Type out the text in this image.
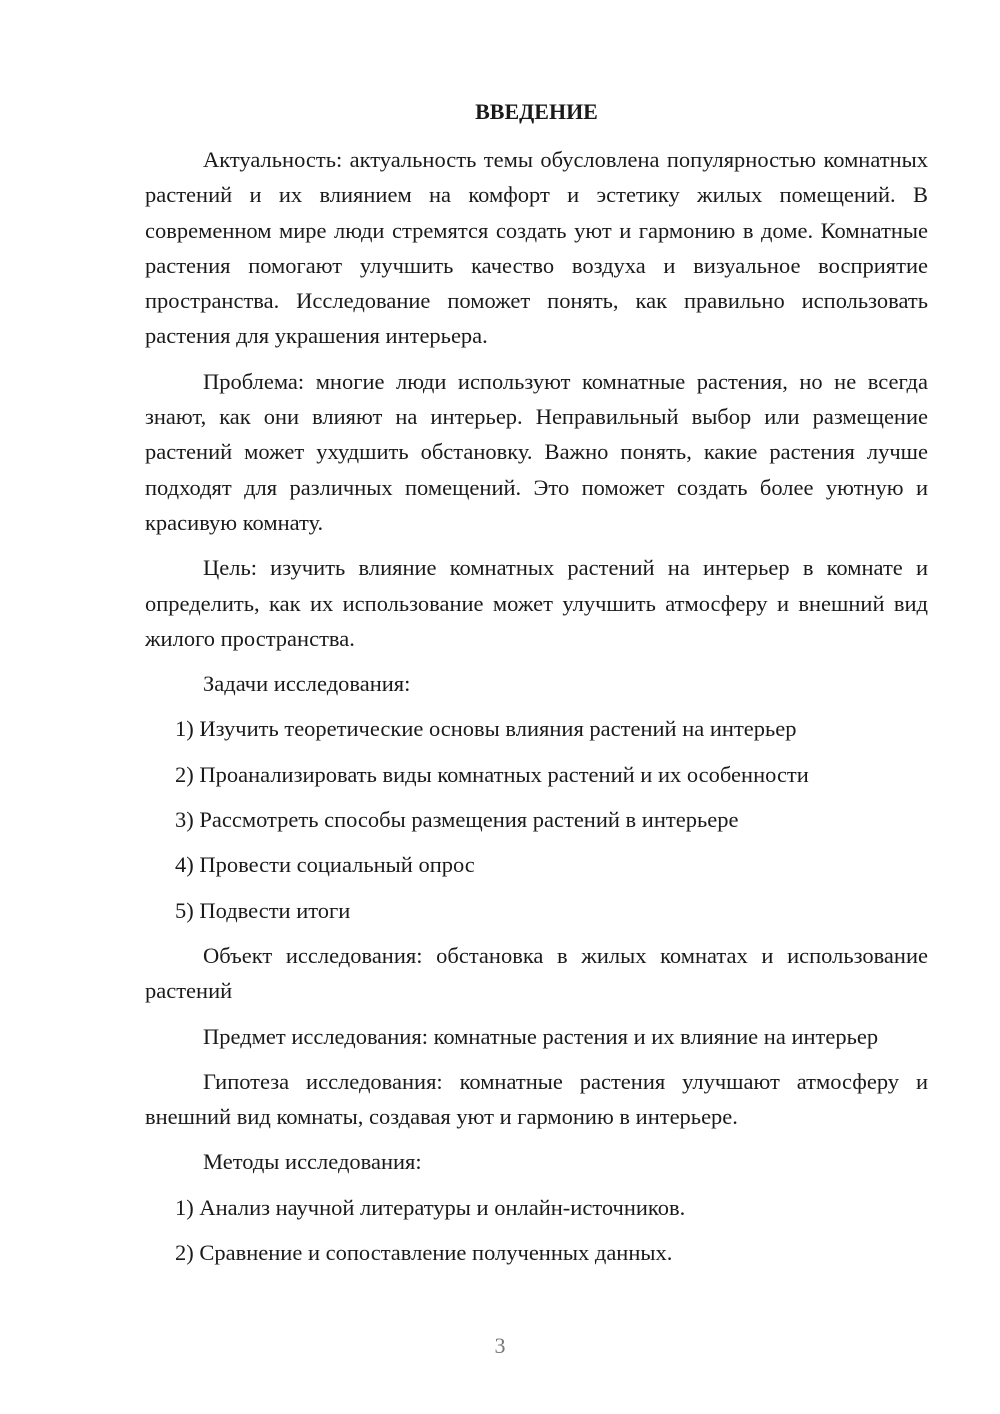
ВВЕДЕНИЕ

Актуальность: актуальность темы обусловлена популярностью комнатных растений и их влиянием на комфорт и эстетику жилых помещений. В современном мире люди стремятся создать уют и гармонию в доме. Комнатные растения помогают улучшить качество воздуха и визуальное восприятие пространства. Исследование поможет понять, как правильно использовать растения для украшения интерьера.

Проблема: многие люди используют комнатные растения, но не всегда знают, как они влияют на интерьер. Неправильный выбор или размещение растений может ухудшить обстановку. Важно понять, какие растения лучше подходят для различных помещений. Это поможет создать более уютную и красивую комнату.

Цель: изучить влияние комнатных растений на интерьер в комнате и определить, как их использование может улучшить атмосферу и внешний вид жилого пространства.

Задачи исследования:

1) Изучить теоретические основы влияния растений на интерьер

2) Проанализировать виды комнатных растений и их особенности

3) Рассмотреть способы размещения растений в интерьере

4) Провести социальный опрос

5) Подвести итоги

Объект исследования: обстановка в жилых комнатах и использование растений

Предмет исследования: комнатные растения и их влияние на интерьер

Гипотеза исследования: комнатные растения улучшают атмосферу и внешний вид комнаты, создавая уют и гармонию в интерьере.

Методы исследования:

1) Анализ научной литературы и онлайн-источников.

2) Сравнение и сопоставление полученных данных.

3
